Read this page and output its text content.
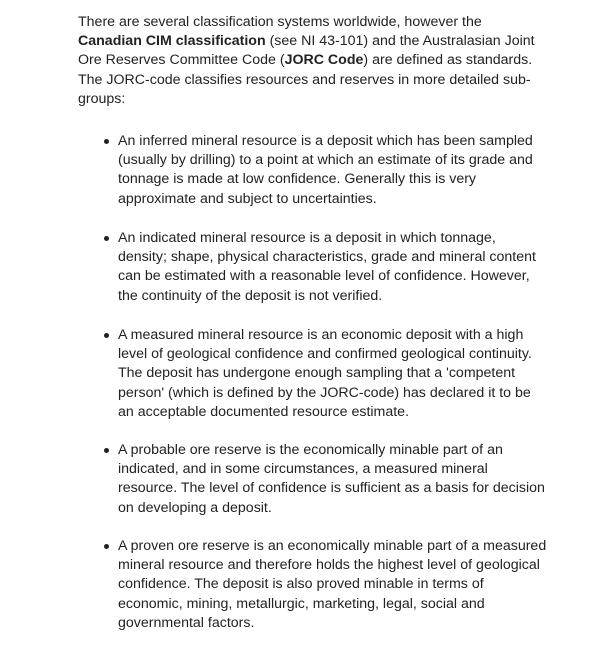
There are several classification systems worldwide, however the Canadian CIM classification (see NI 43-101) and the Australasian Joint Ore Reserves Committee Code (JORC Code) are defined as standards. The JORC-code classifies resources and reserves in more detailed sub-groups:

An inferred mineral resource is a deposit which has been sampled (usually by drilling) to a point at which an estimate of its grade and tonnage is made at low confidence. Generally this is very approximate and subject to uncertainties.
An indicated mineral resource is a deposit in which tonnage, density; shape, physical characteristics, grade and mineral content can be estimated with a reasonable level of confidence. However, the continuity of the deposit is not verified.
A measured mineral resource is an economic deposit with a high level of geological confidence and confirmed geological continuity. The deposit has undergone enough sampling that a 'competent person' (which is defined by the JORC-code) has declared it to be an acceptable documented resource estimate.
A probable ore reserve is the economically minable part of an indicated, and in some circumstances, a measured mineral resource. The level of confidence is sufficient as a basis for decision on developing a deposit.
A proven ore reserve is an economically minable part of a measured mineral resource and therefore holds the highest level of geological confidence. The deposit is also proved minable in terms of economic, mining, metallurgic, marketing, legal, social and governmental factors.
